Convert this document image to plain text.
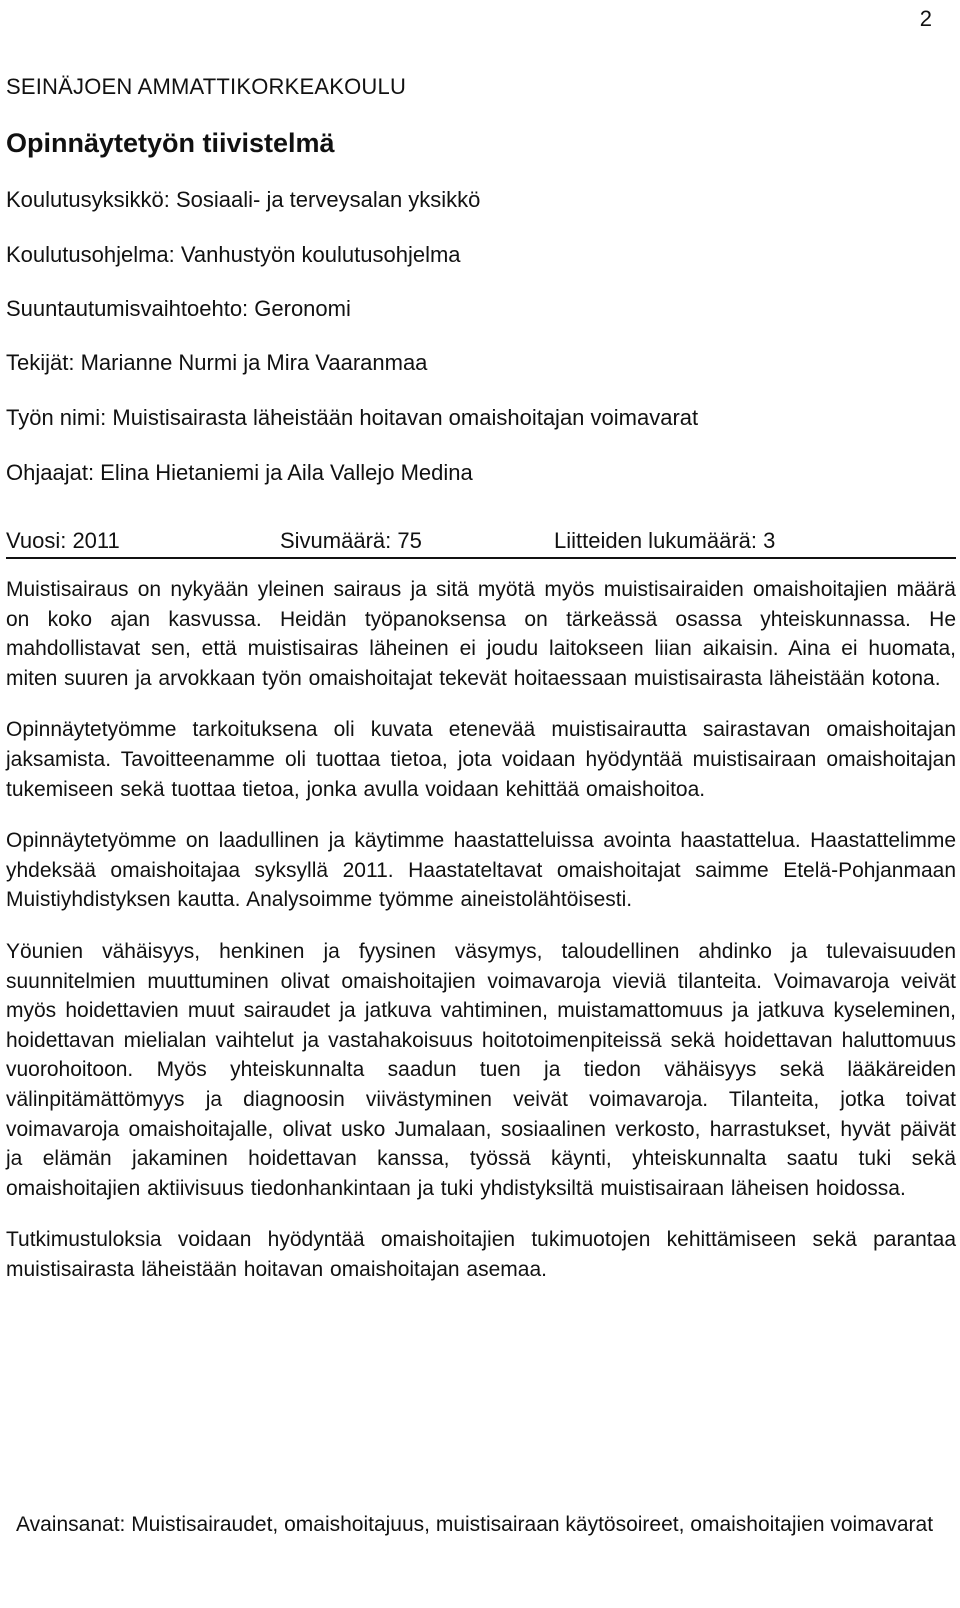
2
SEINÄJOEN AMMATTIKORKEAKOULU
Opinnäytetyön tiivistelmä
Koulutusyksikkö: Sosiaali- ja terveysalan yksikkö
Koulutusohjelma: Vanhustyön koulutusohjelma
Suuntautumisvaihtoehto: Geronomi
Tekijät: Marianne Nurmi ja Mira Vaaranmaa
Työn nimi: Muistisairasta läheistään hoitavan omaishoitajan voimavarat
Ohjaajat: Elina Hietaniemi ja Aila Vallejo Medina
Vuosi: 2011	Sivumäärä: 75	Liitteiden lukumäärä: 3

Muistisairaus on nykyään yleinen sairaus ja sitä myötä myös muistisairaiden omaishoitajien määrä on koko ajan kasvussa. Heidän työpanoksensa on tärkeässä osassa yhteiskunnassa. He mahdollistavat sen, että muistisairas läheinen ei joudu laitokseen liian aikaisin. Aina ei huomata, miten suuren ja arvokkaan työn omaishoitajat tekevät hoitaessaan muistisairasta läheistään kotona.

Opinnäytetyömme tarkoituksena oli kuvata etenevää muistisairautta sairastavan omaishoitajan jaksamista. Tavoitteenamme oli tuottaa tietoa, jota voidaan hyödyntää muistisairaan omaishoitajan tukemiseen sekä tuottaa tietoa, jonka avulla voidaan kehittää omaishoitoa.

Opinnäytetyömme on laadullinen ja käytimme haastatteluissa avointa haastattelua. Haastattelimme yhdeksää omaishoitajaa syksyllä 2011. Haastateltavat omaishoitajat saimme Etelä-Pohjanmaan Muistiyhdistyksen kautta. Analysoimme työmme aineistolähtöisesti.

Yöunien vähäisyys, henkinen ja fyysinen väsymys, taloudellinen ahdinko ja tulevaisuuden suunnitelmien muuttuminen olivat omaishoitajien voimavaroja vieviä tilanteita. Voimavaroja veivät myös hoidettavien muut sairaudet ja jatkuva vahtiminen, muistamattomuus ja jatkuva kyseleminen, hoidettavan mielialan vaihtelut ja vastahakoisuus hoitotoimenpiteissä sekä hoidettavan haluttomuus vuorohoitoon. Myös yhteiskunnalta saadun tuen ja tiedon vähäisyys sekä lääkäreiden välinpitämättömyys ja diagnoosin viivästyminen veivät voimavaroja. Tilanteita, jotka toivat voimavaroja omaishoitajalle, olivat usko Jumalaan, sosiaalinen verkosto, harrastukset, hyvät päivät ja elämän jakaminen hoidettavan kanssa, työssä käynti, yhteiskunnalta saatu tuki sekä omaishoitajien aktiivisuus tiedonhankintaan ja tuki yhdistyksiltä muistisairaan läheisen hoidossa.

Tutkimustuloksia voidaan hyödyntää omaishoitajien tukimuotojen kehittämiseen sekä parantaa muistisairasta läheistään hoitavan omaishoitajan asemaa.

Avainsanat: Muistisairaudet, omaishoitajuus, muistisairaan käytösoireet, omaishoitajien voimavarat
